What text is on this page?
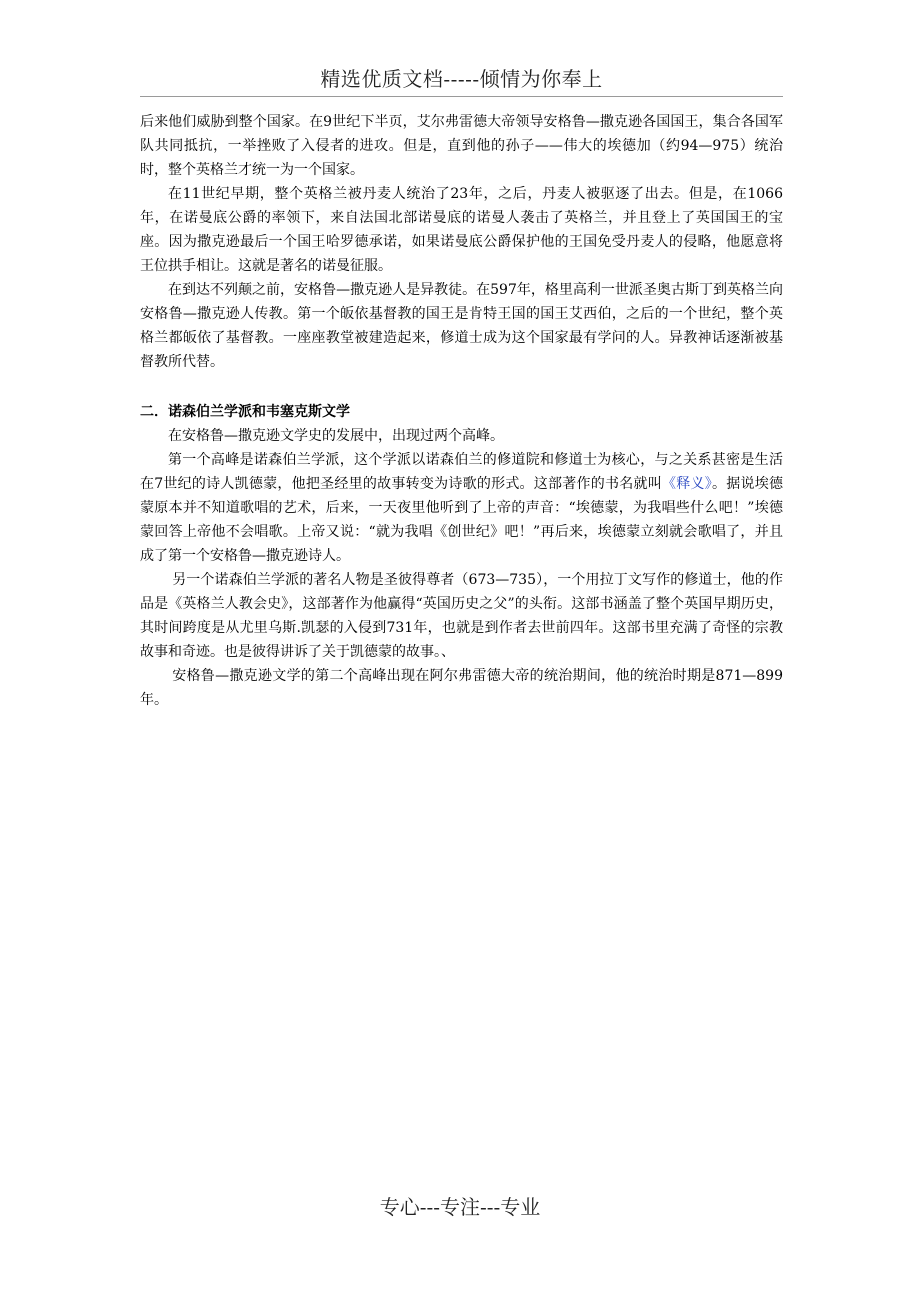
精选优质文档-----倾情为你奉上

后来他们威胁到整个国家。在9世纪下半页，艾尔弗雷德大帝领导安格鲁—撒克逊各国国王，集合各国军队共同抵抗，一举挫败了入侵者的进攻。但是，直到他的孙子——伟大的埃德加（约94—975）统治时，整个英格兰才统一为一个国家。

在11世纪早期，整个英格兰被丹麦人统治了23年，之后，丹麦人被驱逐了出去。但是，在1066年，在诺曼底公爵的率领下，来自法国北部诺曼底的诺曼人袭击了英格兰，并且登上了英国国王的宝座。因为撒克逊最后一个国王哈罗德承诺，如果诺曼底公爵保护他的王国免受丹麦人的侵略，他愿意将王位拱手相让。这就是著名的诺曼征服。

在到达不列颠之前，安格鲁—撒克逊人是异教徒。在597年，格里高利一世派圣奥古斯丁到英格兰向安格鲁—撒克逊人传教。第一个皈依基督教的国王是肯特王国的国王艾西伯，之后的一个世纪，整个英格兰都皈依了基督教。一座座教堂被建造起来，修道士成为这个国家最有学问的人。异教神话逐渐被基督教所代替。

二．诺森伯兰学派和韦塞克斯文学

在安格鲁—撒克逊文学史的发展中，出现过两个高峰。

第一个高峰是诺森伯兰学派，这个学派以诺森伯兰的修道院和修道士为核心，与之关系甚密是生活在7世纪的诗人凯德蒙，他把圣经里的故事转变为诗歌的形式。这部著作的书名就叫《释义》。据说埃德蒙原本并不知道歌唱的艺术，后来，一天夜里他听到了上帝的声音：“埃德蒙，为我唱些什么吧！”埃德蒙回答上帝他不会唱歌。上帝又说：“就为我唱《创世纪》吧！”再后来，埃德蒙立刻就会歌唱了，并且成了第一个安格鲁—撒克逊诗人。

另一个诺森伯兰学派的著名人物是圣彼得尊者（673—735），一个用拉丁文写作的修道士，他的作品是《英格兰人教会史》，这部著作为他赢得“英国历史之父”的头衔。这部书涵盖了整个英国早期历史，其时间跨度是从尤里乌斯.凯瑟的入侵到731年，也就是到作者去世前四年。这部书里充满了奇怪的宗教故事和奇迹。也是彼得讲诉了关于凯德蒙的故事。、

安格鲁—撒克逊文学的第二个高峰出现在阿尔弗雷德大帝的统治期间，他的统治时期是871—899年。

专心---专注---专业
